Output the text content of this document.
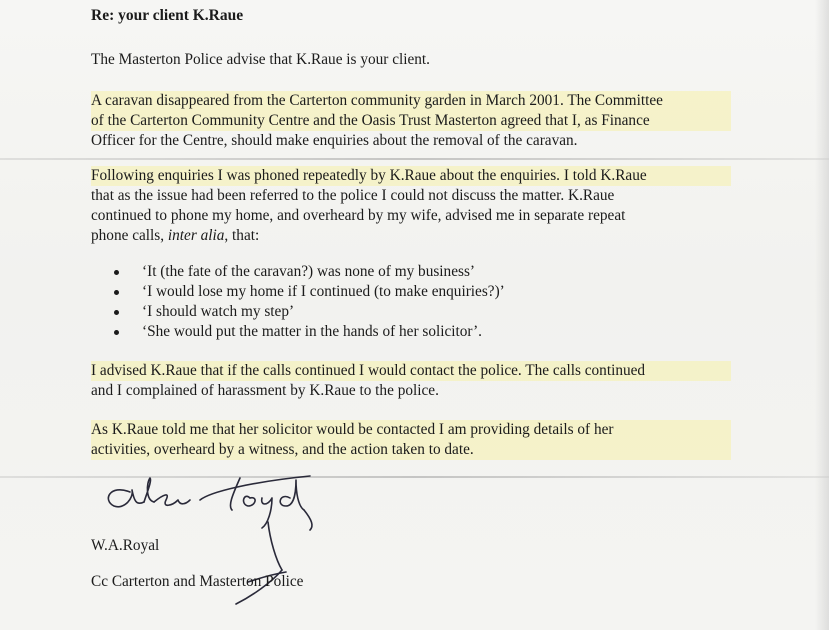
Re: your client K.Raue
The Masterton Police advise that K.Raue is your client.
A caravan disappeared from the Carterton community garden in March 2001. The Committee
of the Carterton Community Centre and the Oasis Trust Masterton agreed that I, as Finance
Officer for the Centre, should make enquiries about the removal of the caravan.
Following enquiries I was phoned repeatedly by K.Raue about the enquiries. I told K.Raue
that as the issue had been referred to the police I could not discuss the matter. K.Raue
continued to phone my home, and overheard by my wife, advised me in separate repeat
phone calls, inter alia, that:
‘It (the fate of the caravan?) was none of my business’
‘I would lose my home if I continued (to make enquiries?)’
‘I should watch my step’
‘She would put the matter in the hands of her solicitor’.
I advised K.Raue that if the calls continued I would contact the police. The calls continued
and I complained of harassment by K.Raue to the police.
As K.Raue told me that her solicitor would be contacted I am providing details of her
activities, overheard by a witness, and the action taken to date.
W.A.Royal
Cc Carterton and Masterton Police
